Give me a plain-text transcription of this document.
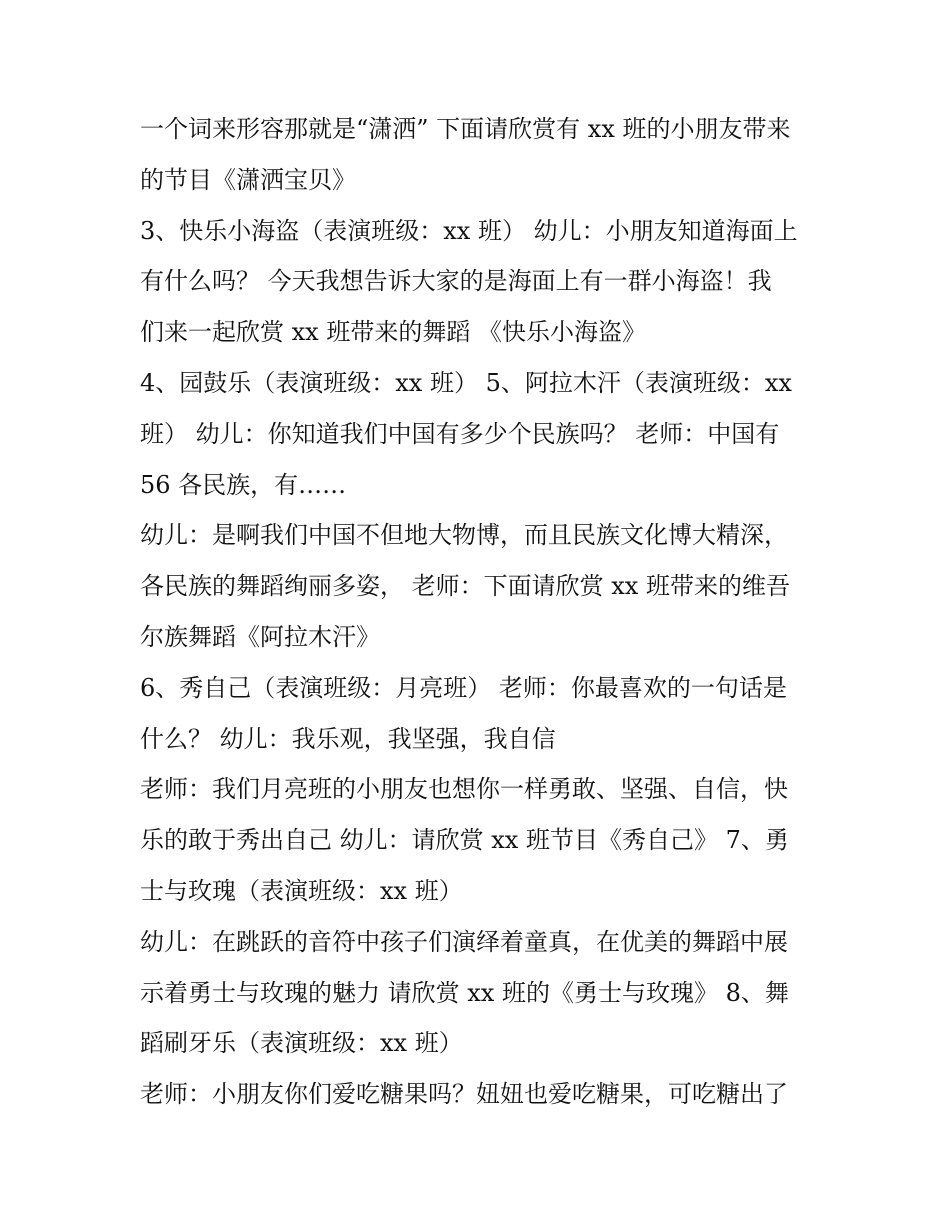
一个词来形容那就是“潇洒” 下面请欣赏有 xx 班的小朋友带来
的节目《潇洒宝贝》
3、快乐小海盗（表演班级：xx 班） 幼儿：小朋友知道海面上
有什么吗？ 今天我想告诉大家的是海面上有一群小海盗！我
们来一起欣赏 xx 班带来的舞蹈 《快乐小海盗》
4、园鼓乐（表演班级：xx 班） 5、阿拉木汗（表演班级：xx
班） 幼儿：你知道我们中国有多少个民族吗？ 老师：中国有
56 各民族，有……
幼儿：是啊我们中国不但地大物博，而且民族文化博大精深，
各民族的舞蹈绚丽多姿， 老师：下面请欣赏 xx 班带来的维吾
尔族舞蹈《阿拉木汗》
6、秀自己（表演班级：月亮班） 老师：你最喜欢的一句话是
什么？ 幼儿：我乐观，我坚强，我自信
老师：我们月亮班的小朋友也想你一样勇敢、坚强、自信，快
乐的敢于秀出自己 幼儿：请欣赏 xx 班节目《秀自己》 7、勇
士与玫瑰（表演班级：xx 班）
幼儿：在跳跃的音符中孩子们演绎着童真，在优美的舞蹈中展
示着勇士与玫瑰的魅力 请欣赏 xx 班的《勇士与玫瑰》 8、舞
蹈刷牙乐（表演班级：xx 班）
老师：小朋友你们爱吃糖果吗？妞妞也爱吃糖果，可吃糖出了
